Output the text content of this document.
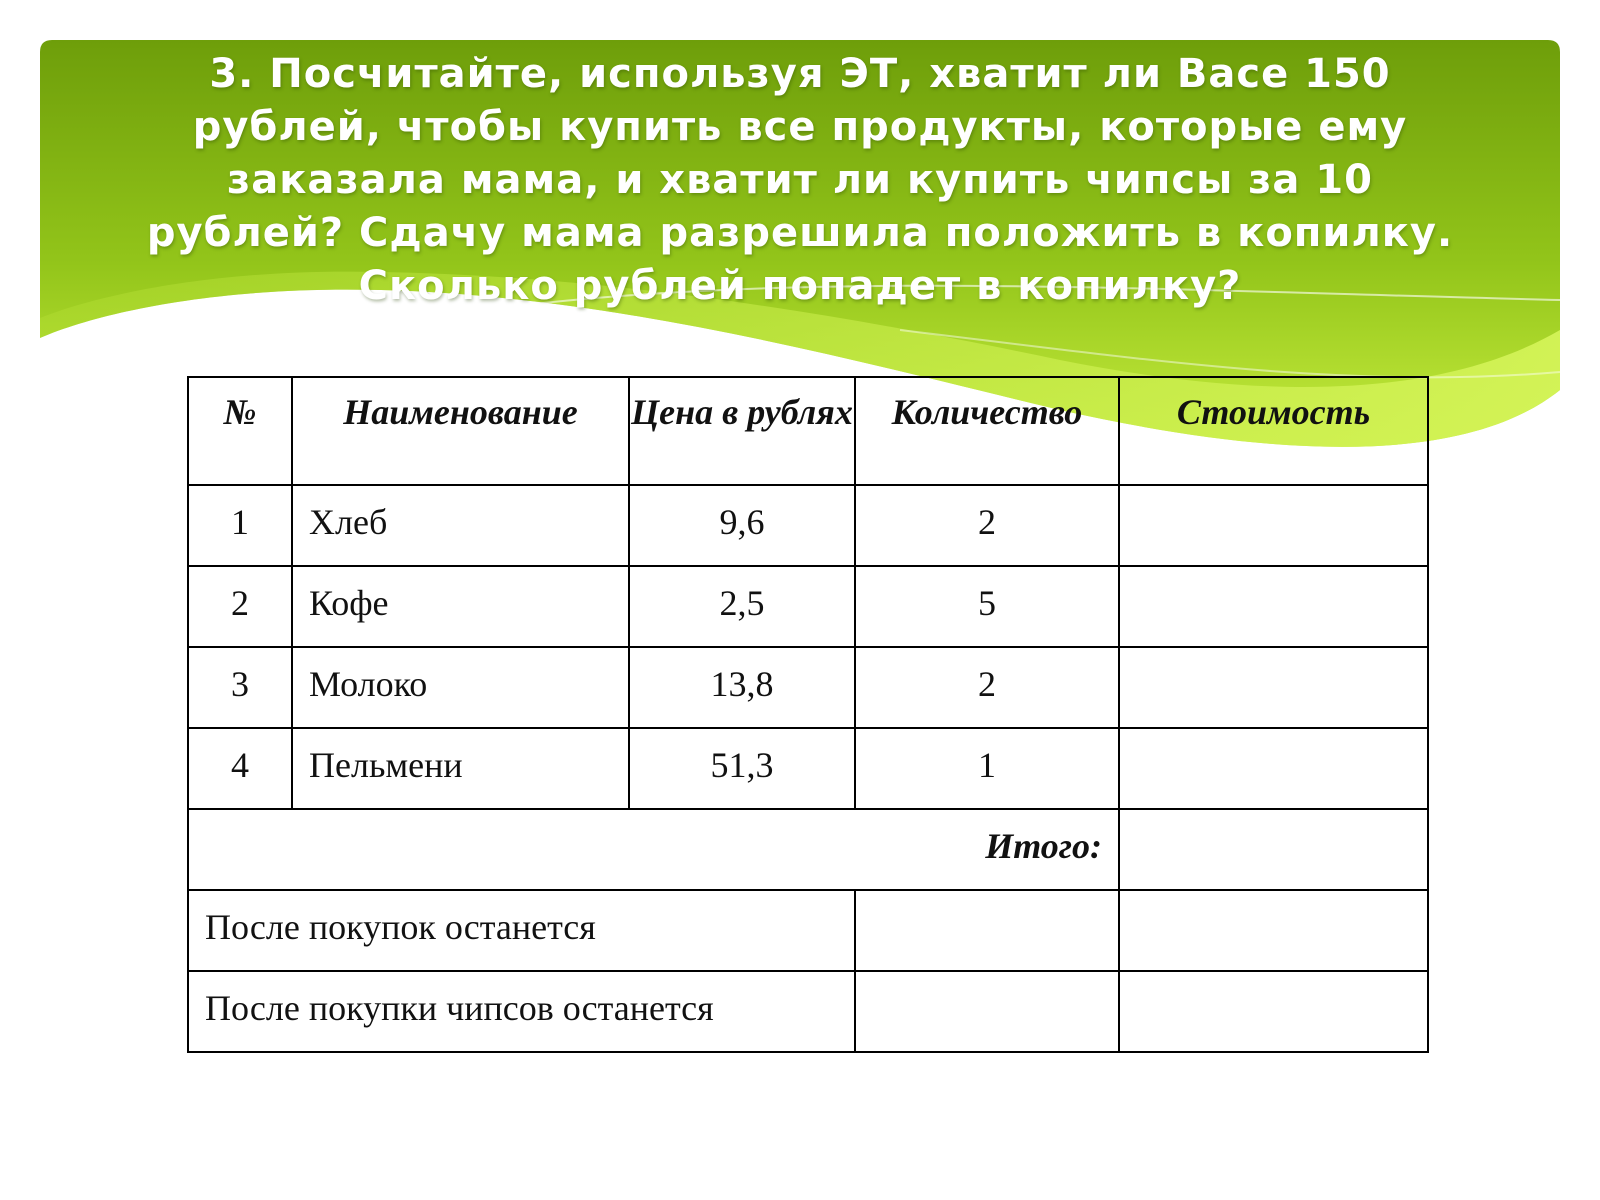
3. Посчитайте, используя ЭТ, хватит ли Васе 150 рублей, чтобы купить все продукты, которые ему заказала мама, и хватит ли купить чипсы за 10 рублей? Сдачу мама разрешила положить в копилку. Сколько рублей попадет в копилку?
№	Наименование	Цена в рублях	Количество	Стоимость
1	Хлеб	9,6	2	
2	Кофе	2,5	5	
3	Молоко	13,8	2	
4	Пельмени	51,3	1	
Итого:				
После покупок останется				
После покупки чипсов останется				
